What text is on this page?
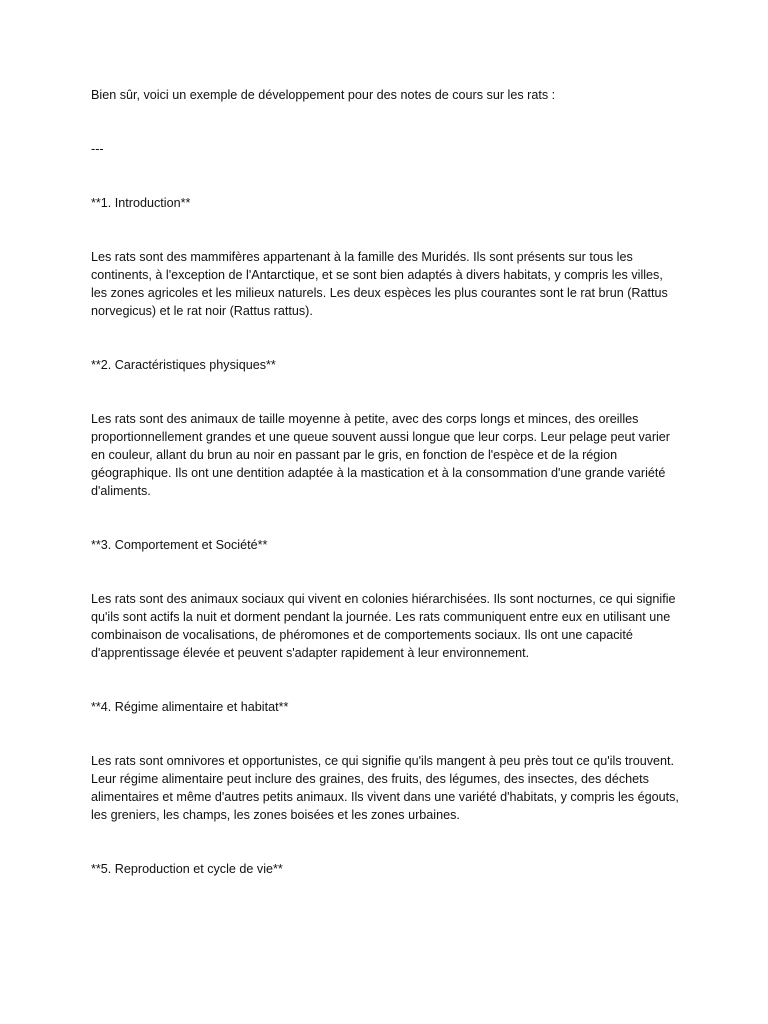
Bien sûr, voici un exemple de développement pour des notes de cours sur les rats :

---

**1. Introduction**

Les rats sont des mammifères appartenant à la famille des Muridés. Ils sont présents sur tous les continents, à l'exception de l'Antarctique, et se sont bien adaptés à divers habitats, y compris les villes, les zones agricoles et les milieux naturels. Les deux espèces les plus courantes sont le rat brun (Rattus norvegicus) et le rat noir (Rattus rattus).

**2. Caractéristiques physiques**

Les rats sont des animaux de taille moyenne à petite, avec des corps longs et minces, des oreilles proportionnellement grandes et une queue souvent aussi longue que leur corps. Leur pelage peut varier en couleur, allant du brun au noir en passant par le gris, en fonction de l'espèce et de la région géographique. Ils ont une dentition adaptée à la mastication et à la consommation d'une grande variété d'aliments.

**3. Comportement et Société**

Les rats sont des animaux sociaux qui vivent en colonies hiérarchisées. Ils sont nocturnes, ce qui signifie qu'ils sont actifs la nuit et dorment pendant la journée. Les rats communiquent entre eux en utilisant une combinaison de vocalisations, de phéromones et de comportements sociaux. Ils ont une capacité d'apprentissage élevée et peuvent s'adapter rapidement à leur environnement.

**4. Régime alimentaire et habitat**

Les rats sont omnivores et opportunistes, ce qui signifie qu'ils mangent à peu près tout ce qu'ils trouvent. Leur régime alimentaire peut inclure des graines, des fruits, des légumes, des insectes, des déchets alimentaires et même d'autres petits animaux. Ils vivent dans une variété d'habitats, y compris les égouts, les greniers, les champs, les zones boisées et les zones urbaines.

**5. Reproduction et cycle de vie**
